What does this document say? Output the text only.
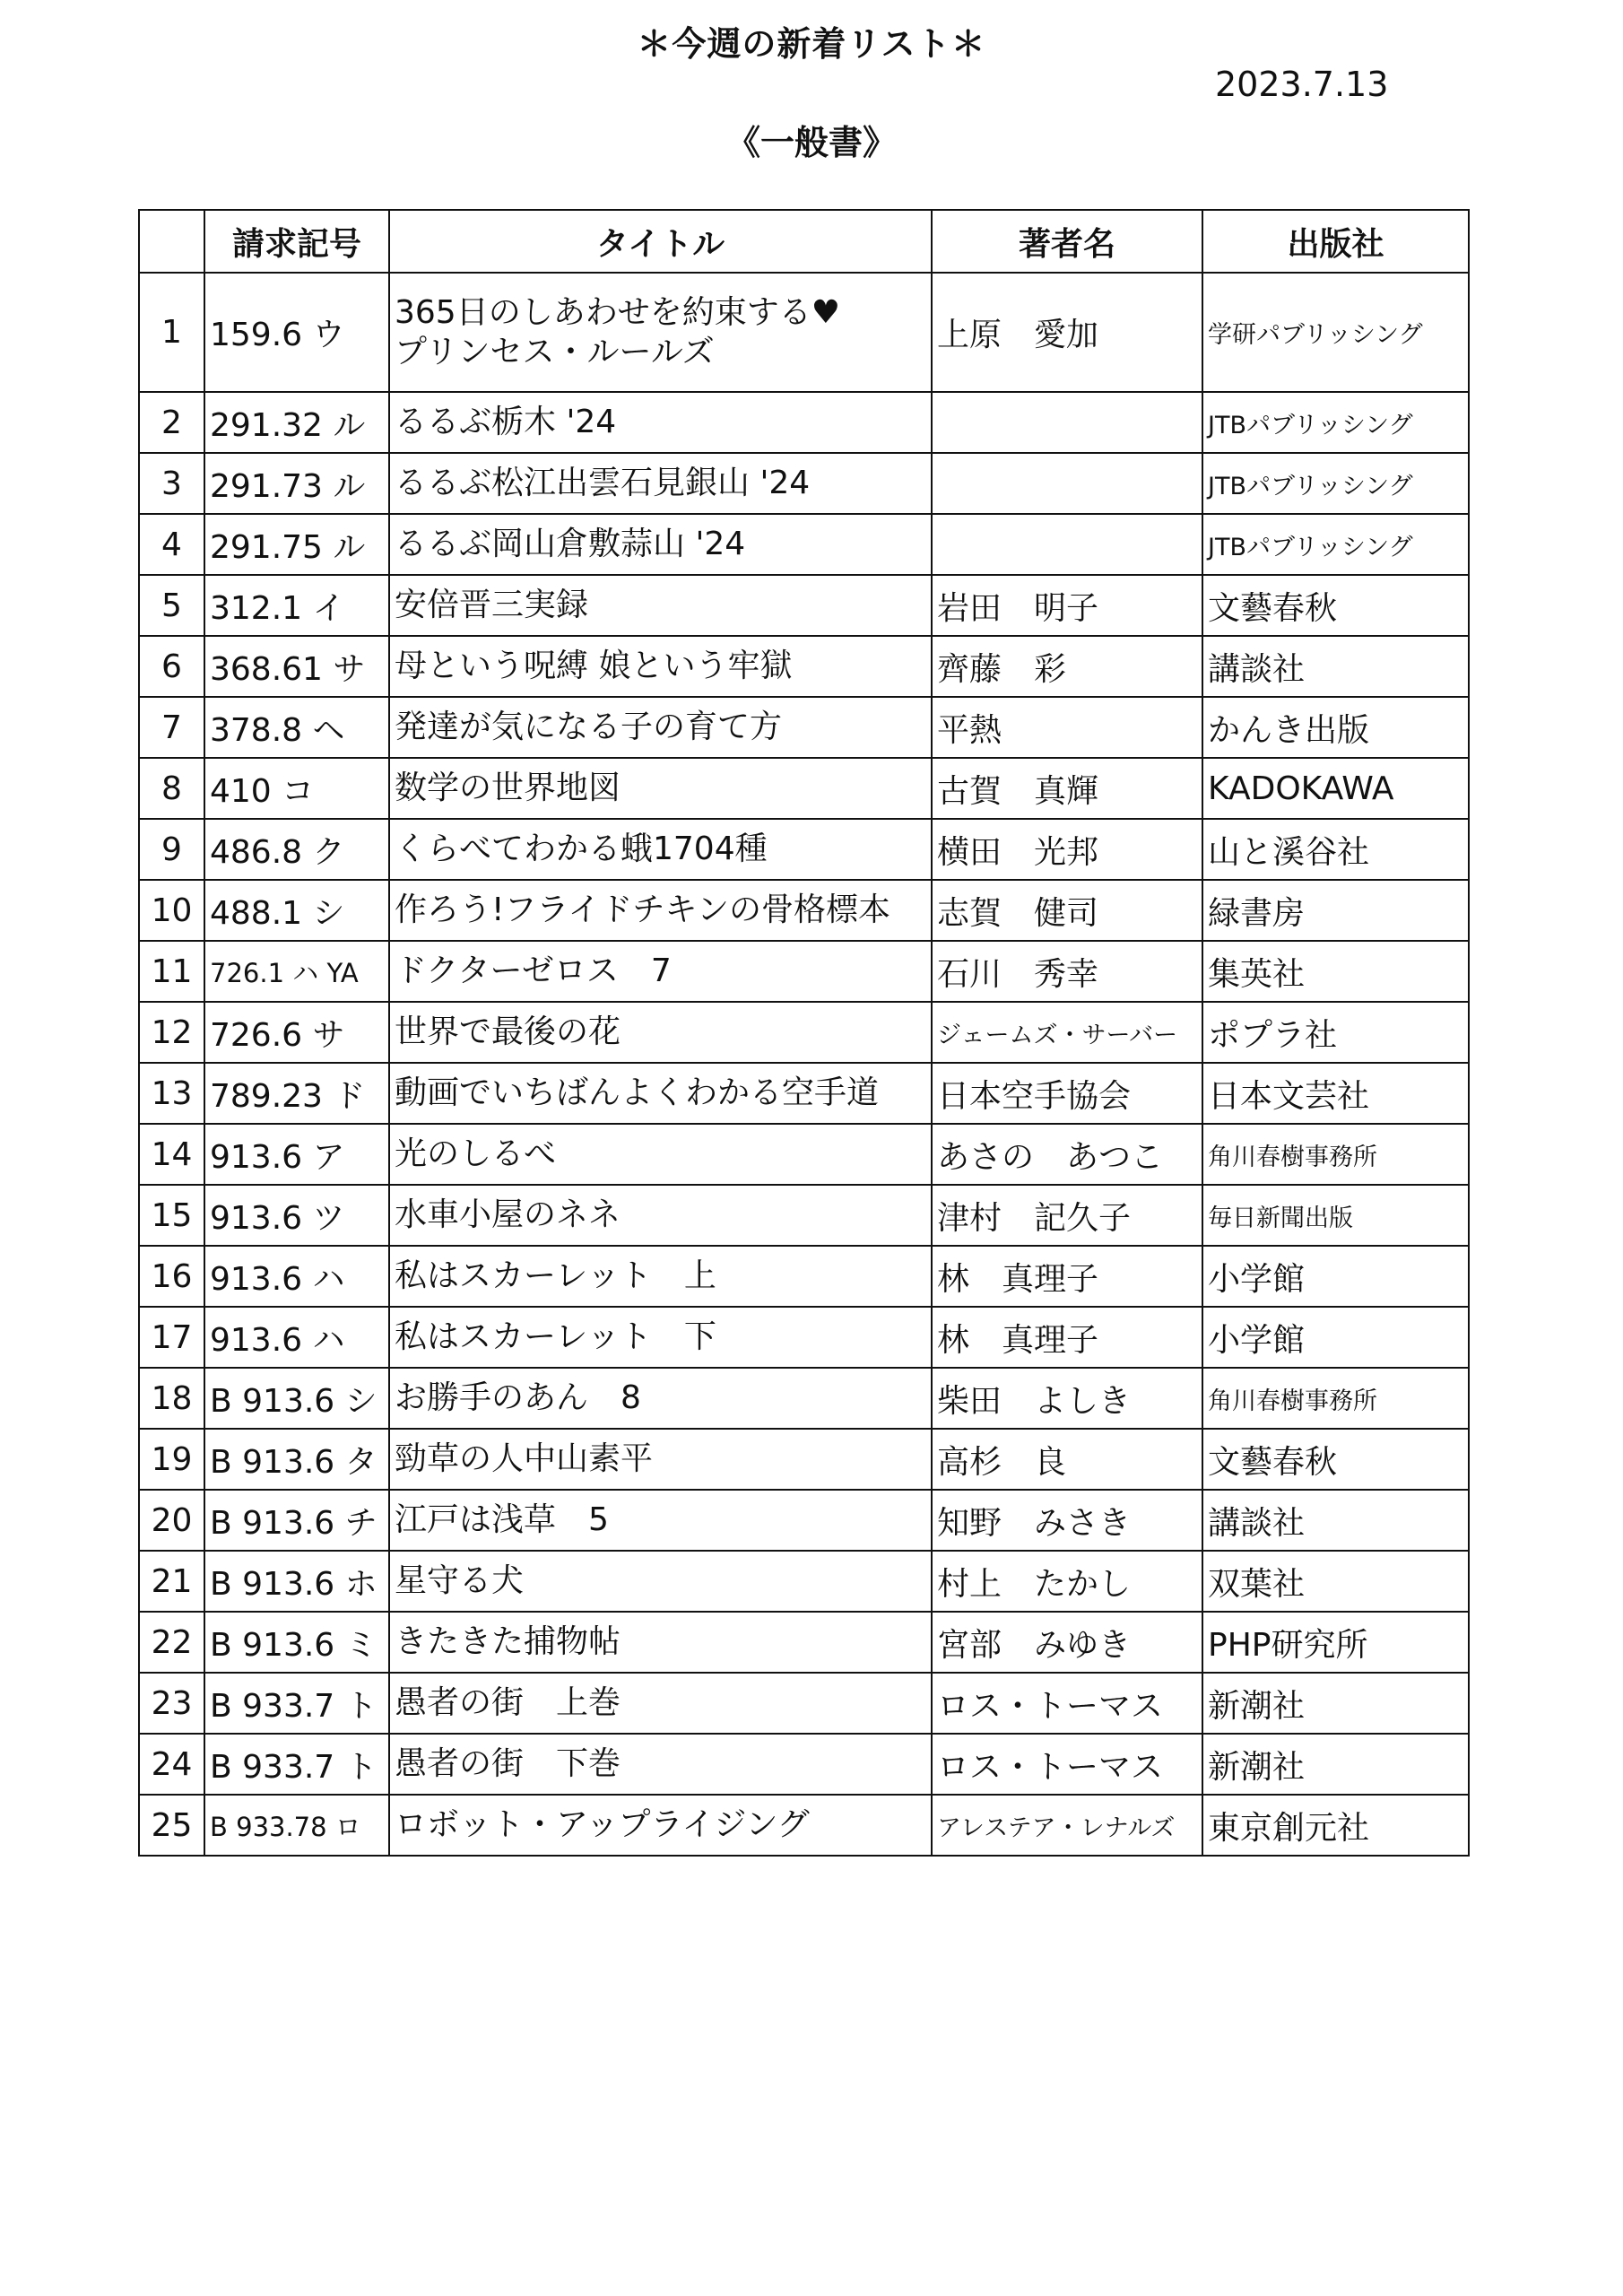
＊今週の新着リスト＊
2023.7.13
《一般書》
	請求記号	タイトル	著者名	出版社
1	159.6 ウ	365日のしあわせを約束する♥
プリンセス・ルールズ	上原　愛加	学研パブリッシング
2	291.32 ル	るるぶ栃木 '24		JTBパブリッシング
3	291.73 ル	るるぶ松江出雲石見銀山 '24		JTBパブリッシング
4	291.75 ル	るるぶ岡山倉敷蒜山 '24		JTBパブリッシング
5	312.1 イ	安倍晋三実録	岩田　明子	文藝春秋
6	368.61 サ	母という呪縛 娘という牢獄	齊藤　彩	講談社
7	378.8 ヘ	発達が気になる子の育て方	平熱	かんき出版
8	410 コ	数学の世界地図	古賀　真輝	KADOKAWA
9	486.8 ク	くらべてわかる蛾1704種	横田　光邦	山と溪谷社
10	488.1 シ	作ろう!フライドチキンの骨格標本	志賀　健司	緑書房
11	726.1 ハ YA	ドクターゼロス　7	石川　秀幸	集英社
12	726.6 サ	世界で最後の花	ジェームズ・サーバー	ポプラ社
13	789.23 ド	動画でいちばんよくわかる空手道	日本空手協会	日本文芸社
14	913.6 ア	光のしるべ	あさの　あつこ	角川春樹事務所
15	913.6 ツ	水車小屋のネネ	津村　記久子	毎日新聞出版
16	913.6 ハ	私はスカーレット　上	林　真理子	小学館
17	913.6 ハ	私はスカーレット　下	林　真理子	小学館
18	B 913.6 シ	お勝手のあん　8	柴田　よしき	角川春樹事務所
19	B 913.6 タ	勁草の人中山素平	高杉　良	文藝春秋
20	B 913.6 チ	江戸は浅草　5	知野　みさき	講談社
21	B 913.6 ホ	星守る犬	村上　たかし	双葉社
22	B 913.6 ミ	きたきた捕物帖	宮部　みゆき	PHP研究所
23	B 933.7 ト	愚者の街　上巻	ロス・トーマス	新潮社
24	B 933.7 ト	愚者の街　下巻	ロス・トーマス	新潮社
25	B 933.78 ロ	ロボット・アップライジング	アレステア・レナルズ	東京創元社
